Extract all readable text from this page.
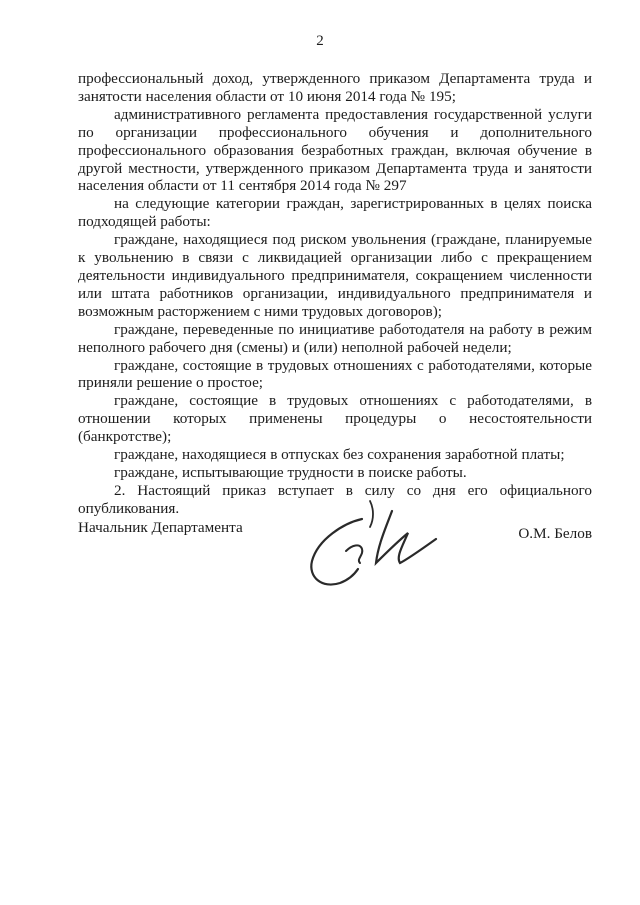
2

профессиональный доход, утвержденного приказом Департамента труда и занятости населения области от 10 июня 2014 года № 195;

административного регламента предоставления государственной услуги по организации профессионального обучения и дополнительного профессионального образования безработных граждан, включая обучение в другой местности, утвержденного приказом Департамента труда и занятости населения области от 11 сентября 2014 года № 297

на следующие категории граждан, зарегистрированных в целях поиска подходящей работы:

граждане, находящиеся под риском увольнения (граждане, планируемые к увольнению в связи с ликвидацией организации либо с прекращением деятельности индивидуального предпринимателя, сокращением численности или штата работников организации, индивидуального предпринимателя и возможным расторжением с ними трудовых договоров);

граждане, переведенные по инициативе работодателя на работу в режим неполного рабочего дня (смены) и (или) неполной рабочей недели;

граждане, состоящие в трудовых отношениях с работодателями, которые приняли решение о простое;

граждане, состоящие в трудовых отношениях с работодателями, в отношении которых применены процедуры о несостоятельности (банкротстве);

граждане, находящиеся в отпусках без сохранения заработной платы;

граждане, испытывающие трудности в поиске работы.

2. Настоящий приказ вступает в силу со дня его официального опубликования.

Начальник Департамента	О.М. Белов
